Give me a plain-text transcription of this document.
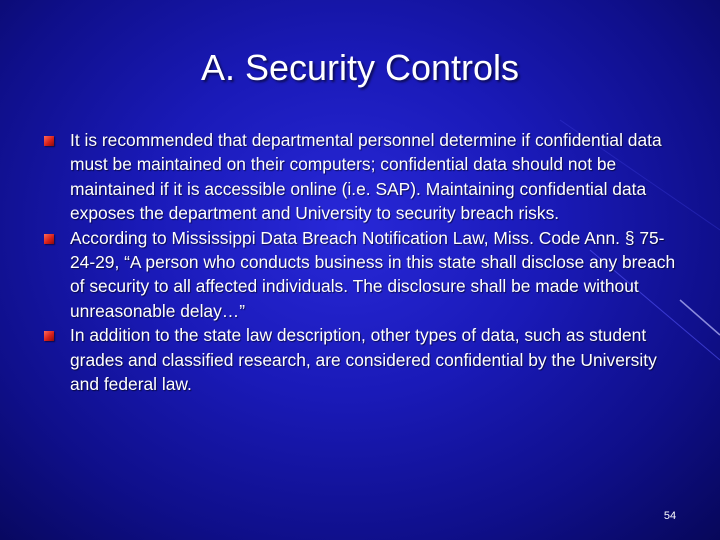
A. Security Controls
It is recommended that departmental personnel determine if confidential data must be maintained on their computers; confidential data should not be maintained if it is accessible online (i.e. SAP). Maintaining confidential data exposes the department and University to security breach risks.
According to Mississippi Data Breach Notification Law, Miss. Code Ann. § 75-24-29, “A person who conducts business in this state shall disclose any breach of security to all affected individuals. The disclosure shall be made without unreasonable delay…”
In addition to the state law description, other types of data, such as student grades and classified research, are considered confidential by the University and federal law.
54
